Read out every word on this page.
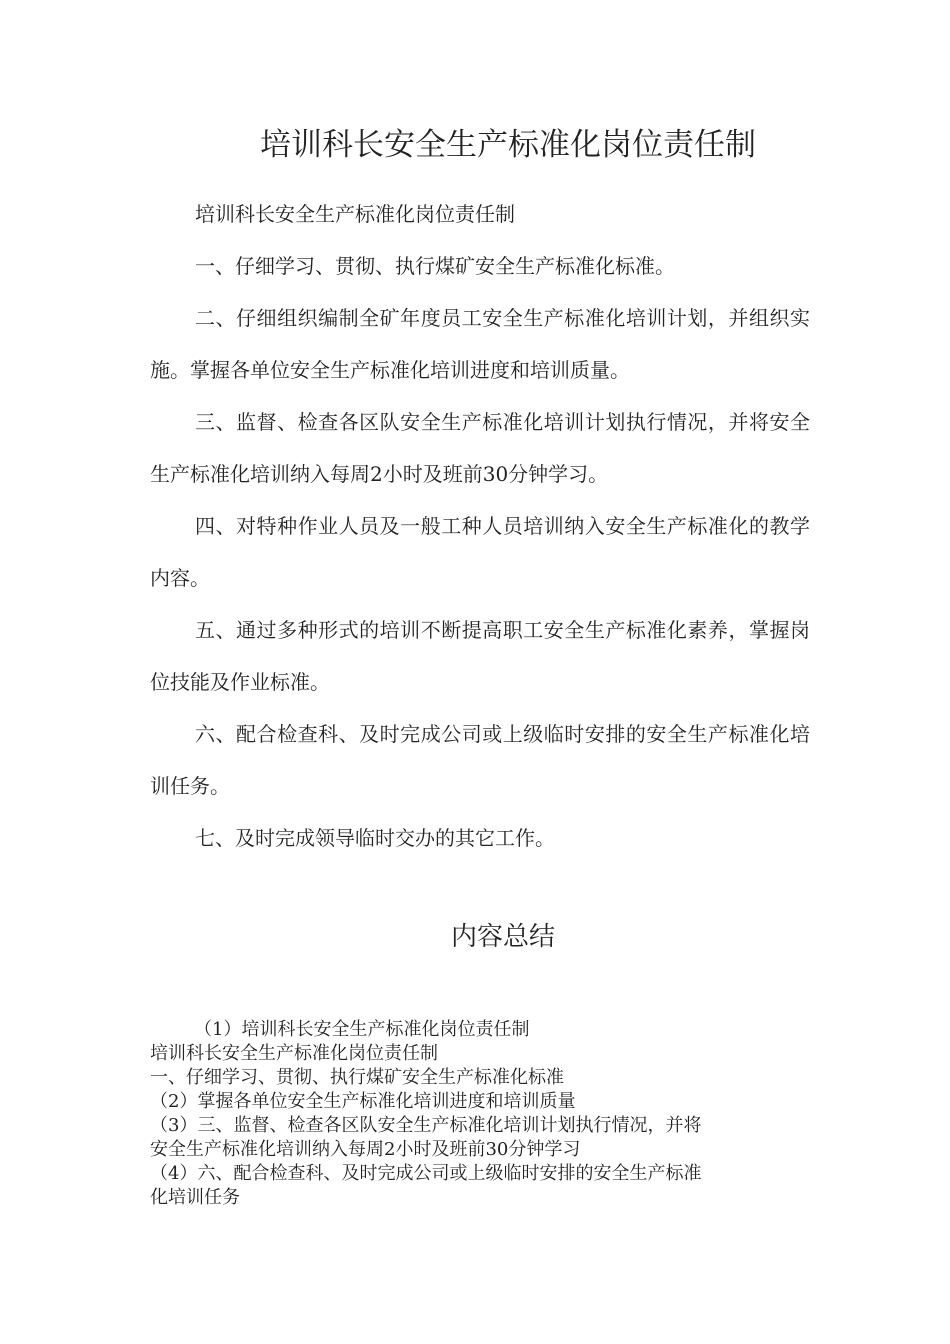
培训科长安全生产标准化岗位责任制

培训科长安全生产标准化岗位责任制

一、仔细学习、贯彻、执行煤矿安全生产标准化标准。

二、仔细组织编制全矿年度员工安全生产标准化培训计划，并组织实施。掌握各单位安全生产标准化培训进度和培训质量。

三、监督、检查各区队安全生产标准化培训计划执行情况，并将安全生产标准化培训纳入每周2小时及班前30分钟学习。

四、对特种作业人员及一般工种人员培训纳入安全生产标准化的教学内容。

五、通过多种形式的培训不断提高职工安全生产标准化素养，掌握岗位技能及作业标准。

六、配合检查科、及时完成公司或上级临时安排的安全生产标准化培训任务。

七、及时完成领导临时交办的其它工作。

内容总结
（1）培训科长安全生产标准化岗位责任制
培训科长安全生产标准化岗位责任制
一、仔细学习、贯彻、执行煤矿安全生产标准化标准
（2）掌握各单位安全生产标准化培训进度和培训质量
（3）三、监督、检查各区队安全生产标准化培训计划执行情况，并将
安全生产标准化培训纳入每周2小时及班前30分钟学习
（4）六、配合检查科、及时完成公司或上级临时安排的安全生产标准
化培训任务
